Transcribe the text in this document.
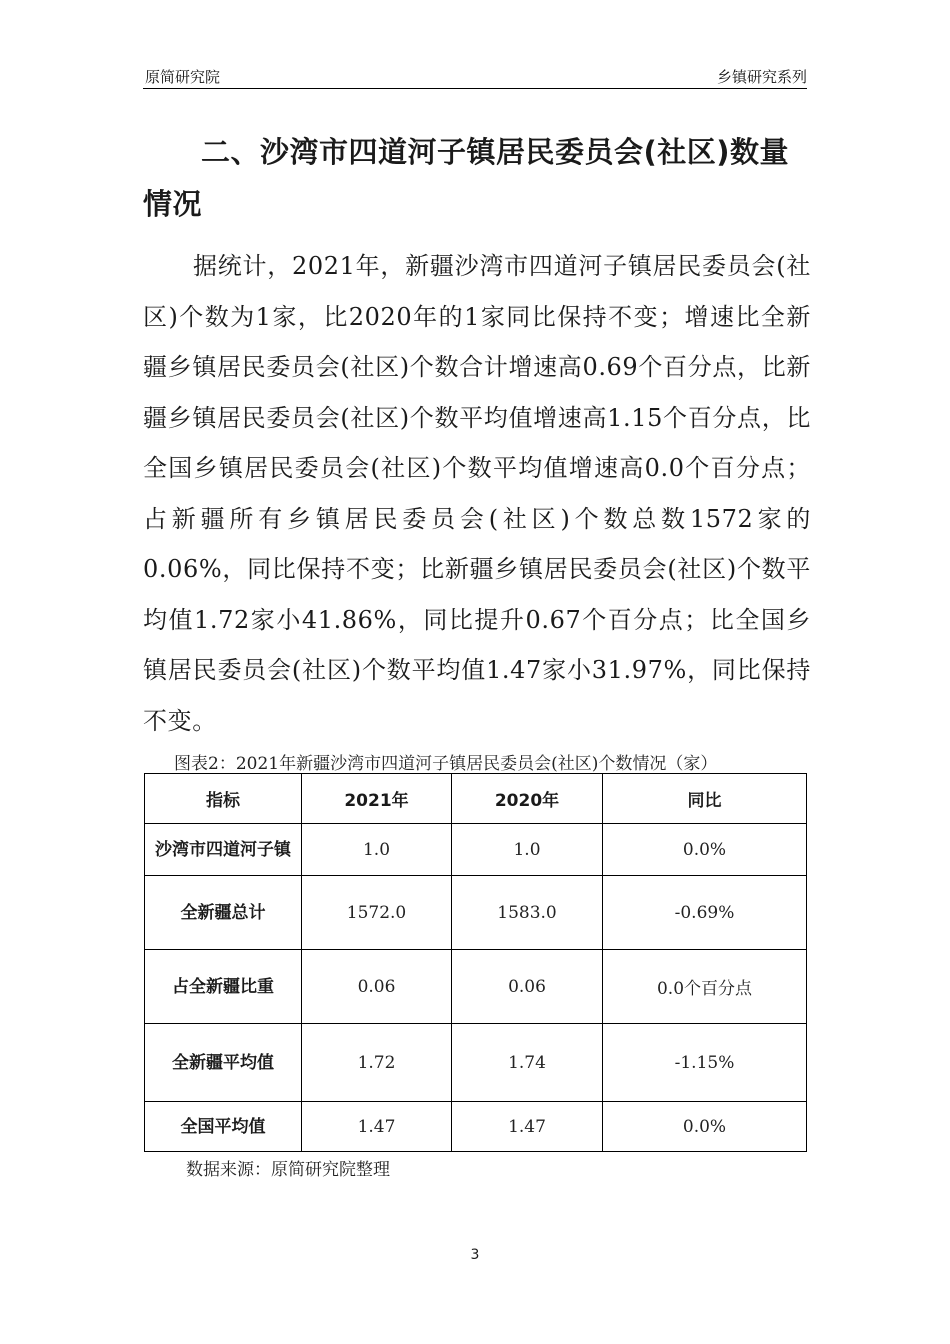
原简研究院	乡镇研究系列
二、沙湾市四道河子镇居民委员会(社区)数量情况

据统计，2021年，新疆沙湾市四道河子镇居民委员会(社区)个数为1家，比2020年的1家同比保持不变；增速比全新疆乡镇居民委员会(社区)个数合计增速高0.69个百分点，比新疆乡镇居民委员会(社区)个数平均值增速高1.15个百分点，比全国乡镇居民委员会(社区)个数平均值增速高0.0个百分点；占新疆所有乡镇居民委员会(社区)个数总数1572家的0.06%，同比保持不变；比新疆乡镇居民委员会(社区)个数平均值1.72家小41.86%，同比提升0.67个百分点；比全国乡镇居民委员会(社区)个数平均值1.47家小31.97%，同比保持不变。

图表2：2021年新疆沙湾市四道河子镇居民委员会(社区)个数情况（家）
指标	2021年	2020年	同比
沙湾市四道河子镇	1.0	1.0	0.0%
全新疆总计	1572.0	1583.0	-0.69%
占全新疆比重	0.06	0.06	0.0个百分点
全新疆平均值	1.72	1.74	-1.15%
全国平均值	1.47	1.47	0.0%
数据来源：原简研究院整理
3
